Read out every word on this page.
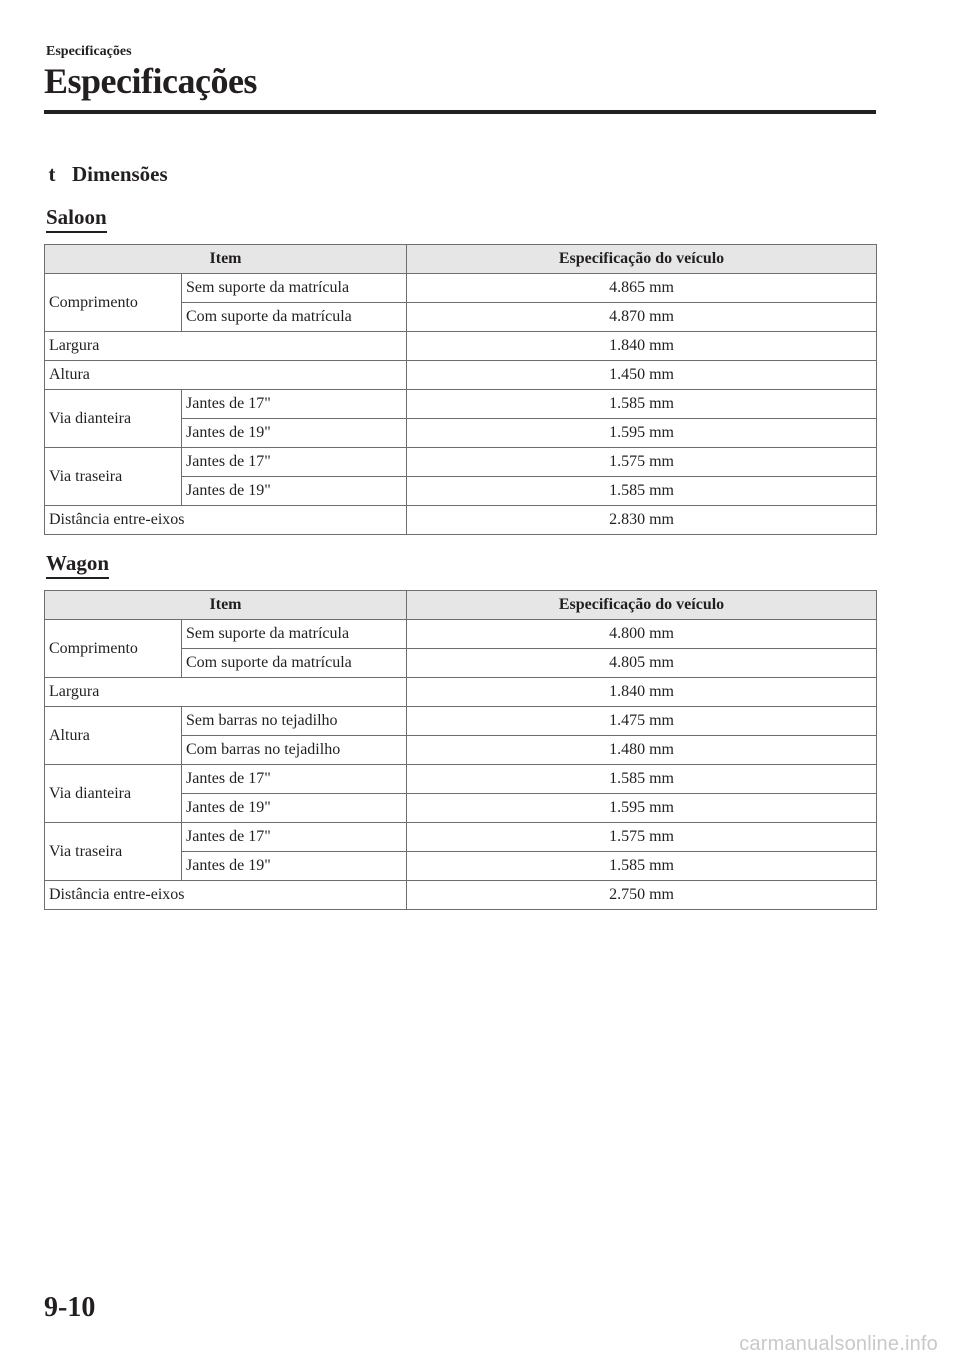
Especificações
Especificações
t Dimensões
Saloon
Item		Especificação do veículo
Comprimento	Sem suporte da matrícula	4.865 mm
	Com suporte da matrícula	4.870 mm
Largura		1.840 mm
Altura		1.450 mm
Via dianteira	Jantes de 17"	1.585 mm
	Jantes de 19"	1.595 mm
Via traseira	Jantes de 17"	1.575 mm
	Jantes de 19"	1.585 mm
Distância entre-eixos		2.830 mm
Wagon
Item		Especificação do veículo
Comprimento	Sem suporte da matrícula	4.800 mm
	Com suporte da matrícula	4.805 mm
Largura		1.840 mm
Altura	Sem barras no tejadilho	1.475 mm
	Com barras no tejadilho	1.480 mm
Via dianteira	Jantes de 17"	1.585 mm
	Jantes de 19"	1.595 mm
Via traseira	Jantes de 17"	1.575 mm
	Jantes de 19"	1.585 mm
Distância entre-eixos		2.750 mm
9-10
carmanualsonline.info
